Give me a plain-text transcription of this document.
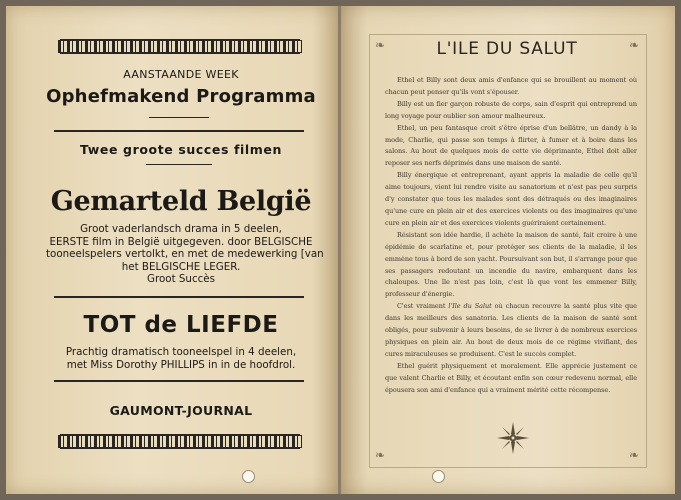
AANSTAANDE WEEK
Ophefmakend Programma
Twee groote succes filmen
Gemarteld België
Groot vaderlandsch drama in 5 deelen,
EERSTE film in België uitgegeven. door BELGISCHE
tooneelspelers vertolkt, en met de medewerking [van
het BELGISCHE LEGER.
Groot Succès
TOT de LIEFDE
Prachtig dramatisch tooneelspel in 4 deelen,
met Miss Dorothy PHILLIPS in in de hoofdrol.
GAUMONT-JOURNAL
❧	❧
❧	❧
L'ILE DU SALUT

Ethel et Billy sont deux amis d'enfance qui se brouillent au moment où chacun peut penser qu'ils vont s'épouser.

Billy est un fier garçon robuste de corps, sain d'esprit qui entreprend un long voyage pour oublier son amour malheureux.

Ethel, un peu fantasque croit s'être éprise d'un bellâtre, un dandy à la mode, Charlie, qui passe son temps à flirter, à fumer et à boire dans les salons. Au bout de quelques mois de cette vie déprimante, Ethel doit aller reposer ses nerfs déprimés dans une maison de santé.

Billy énergique et entreprenant, ayant appris la maladie de celle qu'il aime toujours, vient lui rendre visite au sanatorium et n'est pas peu surpris d'y constater que tous les malades sont des détraqués ou des imaginaires qu'une cure en plein air et des exercices violents ou des imaginaires qu'une cure en plein air et des exercices violents guériraient certainement.

Résistant son idée hardie, il achète la maison de santé, fait croire à une épidémie de scarlatine et, pour protéger ses clients de la maladie, il les emmène tous à bord de son yacht. Poursuivant son but, il s'arrange pour que ses passagers redoutant un incendie du navire, embarquent dans les chaloupes. Une île n'est pas loin, c'est là que vont les emmener Billy, professeur d'énergie.

C'est vraiment l'Ile du Salut où chacun recouvre la santé plus vite que dans les meilleurs des sanatoria. Les clients de la maison de santé sont obligés, pour subvenir à leurs besoins, de se livrer à de nombreux exercices physiques en plein air. Au bout de deux mois de ce régime vivifiant, des cures miraculeuses se produisent. C'est le succès complet.

Ethel guérit physiquement et moralement. Elle apprécie justement ce que valent Charlie et Billy, et écoutant enfin son cœur redevenu normal, elle épousera son ami d'enfance qui a vraiment mérité cette récompense.
